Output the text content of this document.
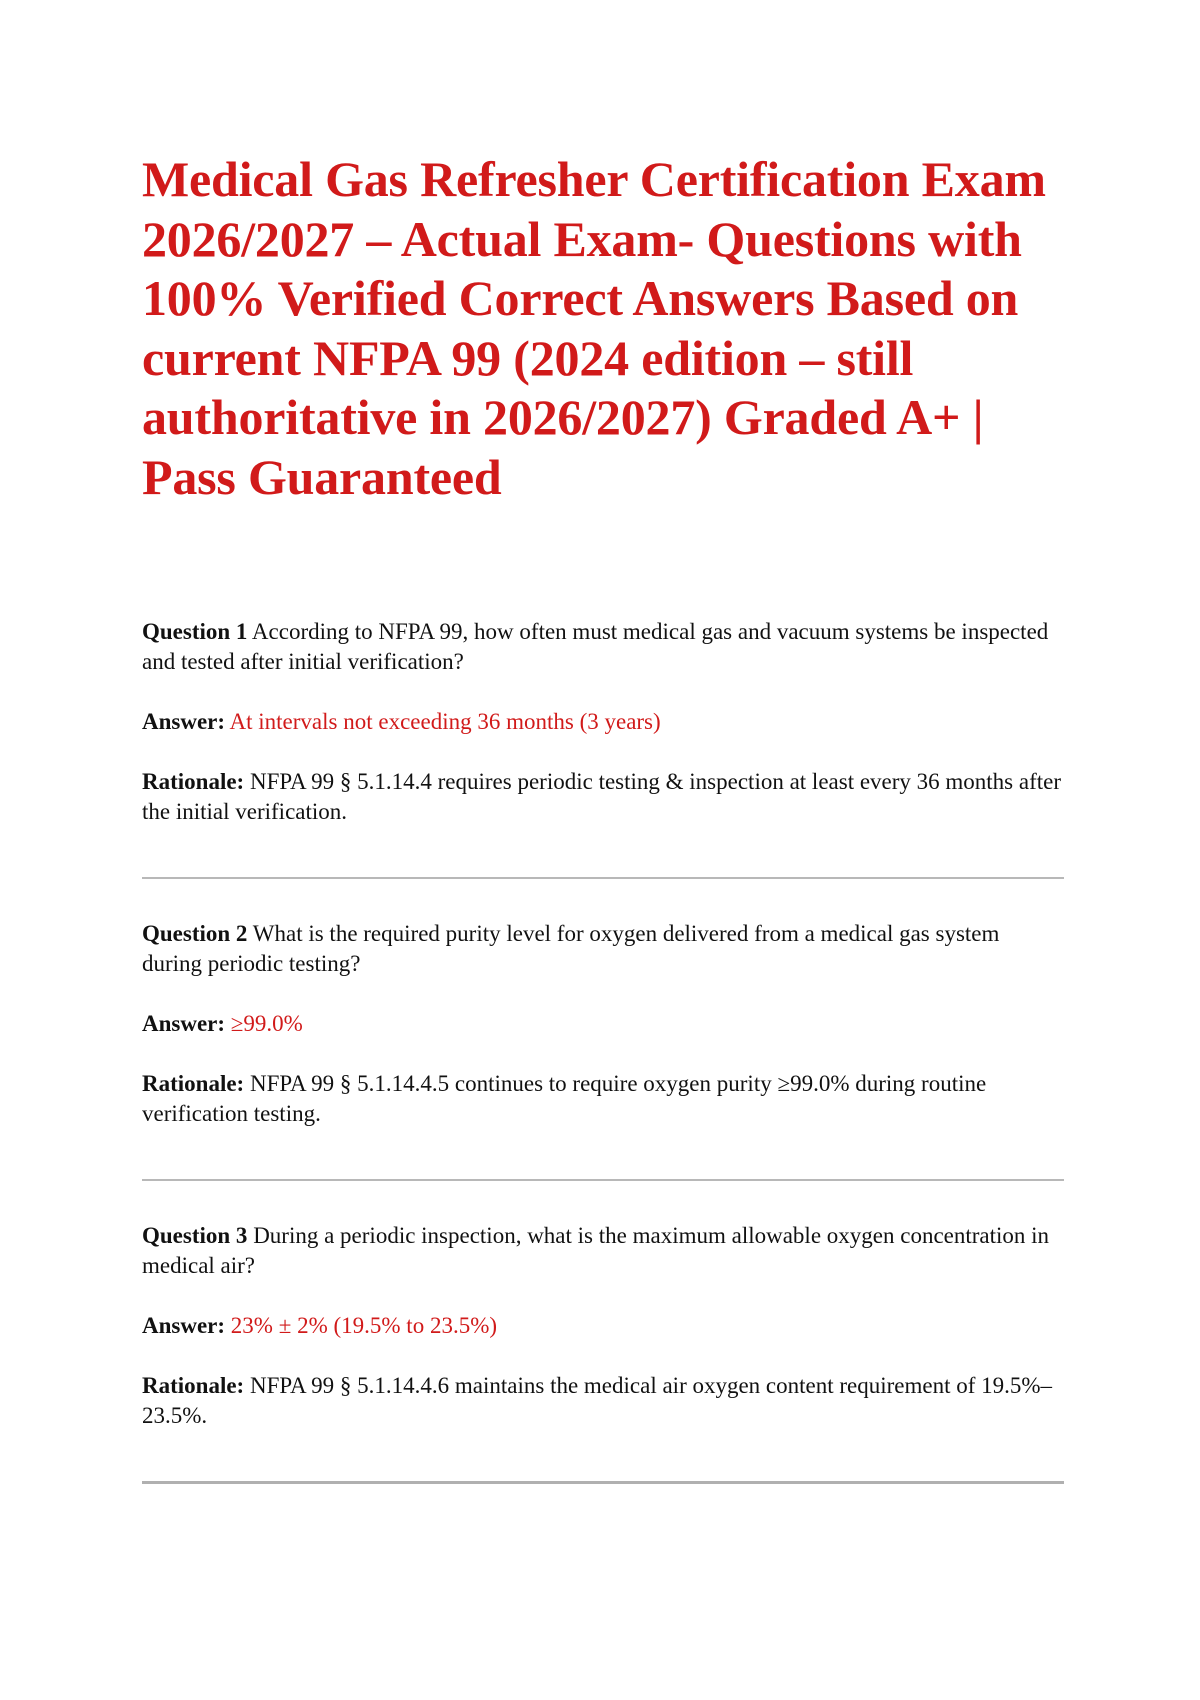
Medical Gas Refresher Certification Exam 2026/2027 – Actual Exam- Questions with 100% Verified Correct Answers Based on current NFPA 99 (2024 edition – still authoritative in 2026/2027) Graded A+ | Pass Guaranteed

Question 1 According to NFPA 99, how often must medical gas and vacuum systems be inspected and tested after initial verification?

Answer: At intervals not exceeding 36 months (3 years)

Rationale: NFPA 99 § 5.1.14.4 requires periodic testing & inspection at least every 36 months after the initial verification.

Question 2 What is the required purity level for oxygen delivered from a medical gas system during periodic testing?

Answer: ≥99.0%

Rationale: NFPA 99 § 5.1.14.4.5 continues to require oxygen purity ≥99.0% during routine verification testing.

Question 3 During a periodic inspection, what is the maximum allowable oxygen concentration in medical air?

Answer: 23% ± 2% (19.5% to 23.5%)

Rationale: NFPA 99 § 5.1.14.4.6 maintains the medical air oxygen content requirement of 19.5%–23.5%.
